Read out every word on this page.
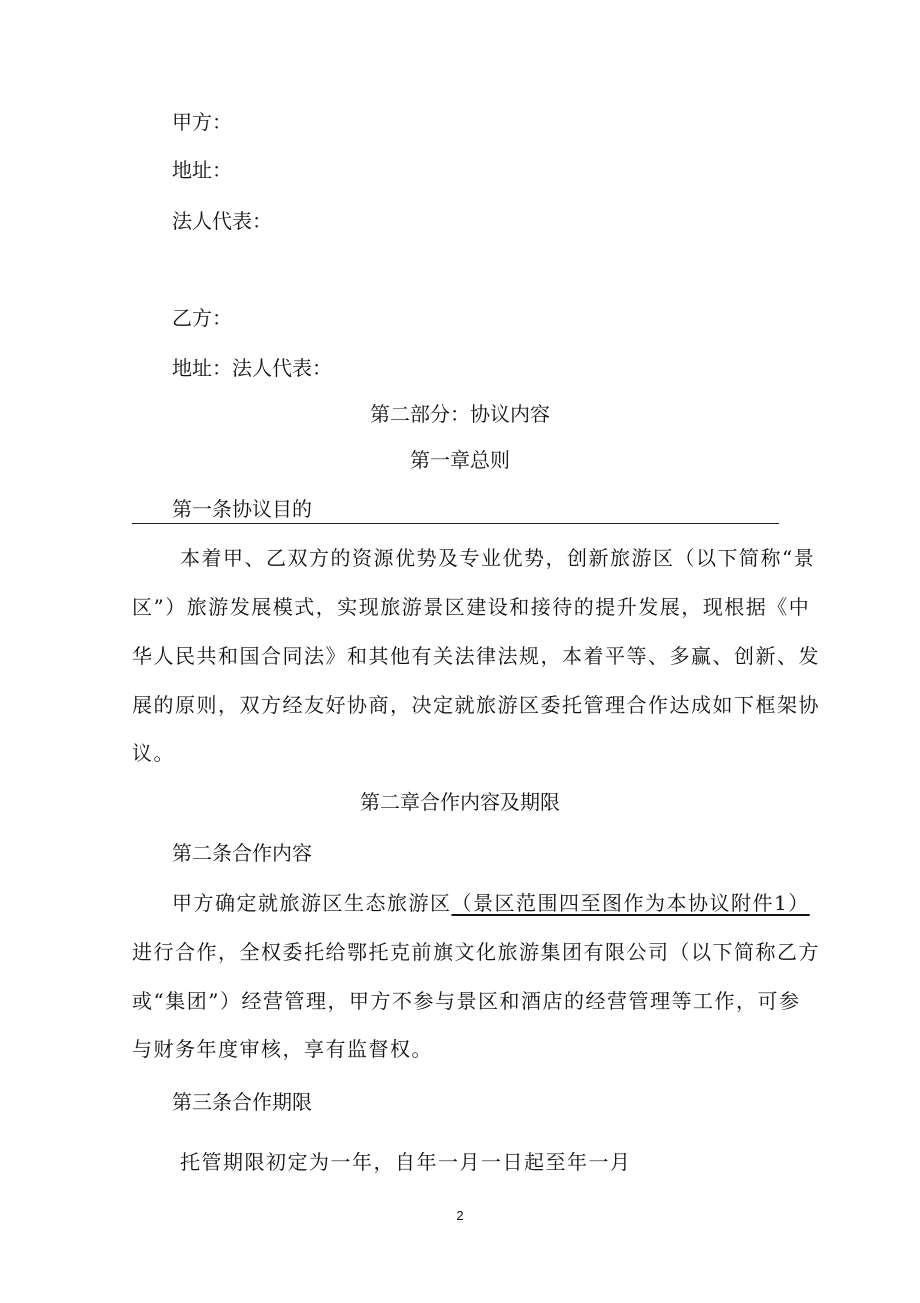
甲方：
地址：
法人代表：
乙方：
地址：法人代表：
第二部分：协议内容
第一章总则
第一条协议目的
本着甲、乙双方的资源优势及专业优势，创新旅游区（以下简称“景
区”）旅游发展模式，实现旅游景区建设和接待的提升发展，现根据《中
华人民共和国合同法》和其他有关法律法规，本着平等、多赢、创新、发
展的原则，双方经友好协商，决定就旅游区委托管理合作达成如下框架协
议。
第二章合作内容及期限
第二条合作内容
甲方确定就旅游区生态旅游区（景区范围四至图作为本协议附件1）
进行合作，全权委托给鄂托克前旗文化旅游集团有限公司（以下简称乙方
或“集团”）经营管理，甲方不参与景区和酒店的经营管理等工作，可参
与财务年度审核，享有监督权。
第三条合作期限
托管期限初定为一年，自年一月一日起至年一月
2
